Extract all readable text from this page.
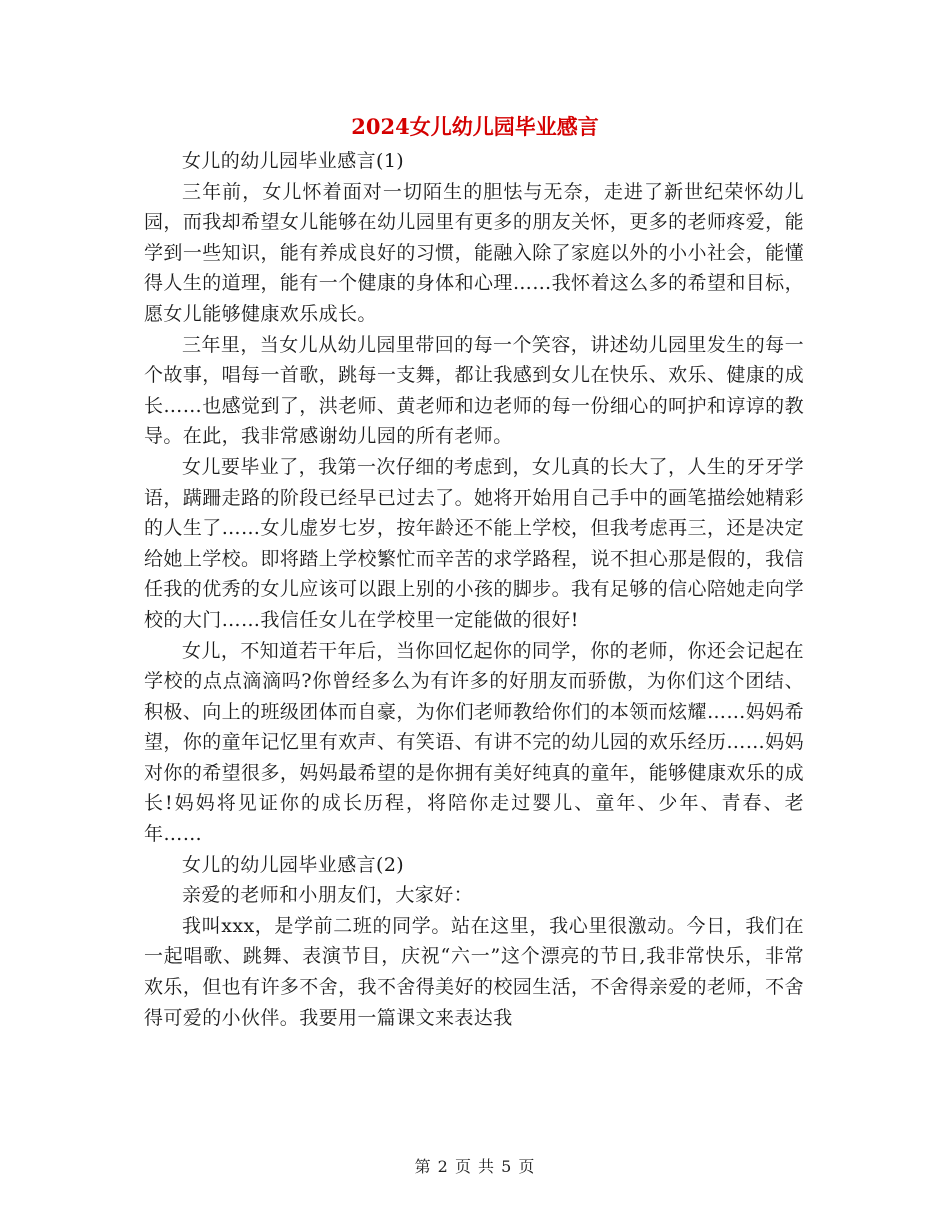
2024女儿幼儿园毕业感言

女儿的幼儿园毕业感言(1)

三年前，女儿怀着面对一切陌生的胆怯与无奈，走进了新世纪荣怀幼儿园，而我却希望女儿能够在幼儿园里有更多的朋友关怀，更多的老师疼爱，能学到一些知识，能有养成良好的习惯，能融入除了家庭以外的小小社会，能懂得人生的道理，能有一个健康的身体和心理……我怀着这么多的希望和目标，愿女儿能够健康欢乐成长。

三年里，当女儿从幼儿园里带回的每一个笑容，讲述幼儿园里发生的每一个故事，唱每一首歌，跳每一支舞，都让我感到女儿在快乐、欢乐、健康的成长……也感觉到了，洪老师、黄老师和边老师的每一份细心的呵护和谆谆的教导。在此，我非常感谢幼儿园的所有老师。

女儿要毕业了，我第一次仔细的考虑到，女儿真的长大了，人生的牙牙学语，蹒跚走路的阶段已经早已过去了。她将开始用自己手中的画笔描绘她精彩的人生了……女儿虚岁七岁，按年龄还不能上学校，但我考虑再三，还是决定给她上学校。即将踏上学校繁忙而辛苦的求学路程，说不担心那是假的，我信任我的优秀的女儿应该可以跟上别的小孩的脚步。我有足够的信心陪她走向学校的大门……我信任女儿在学校里一定能做的很好!

女儿，不知道若干年后，当你回忆起你的同学，你的老师，你还会记起在学校的点点滴滴吗?你曾经多么为有许多的好朋友而骄傲，为你们这个团结、积极、向上的班级团体而自豪，为你们老师教给你们的本领而炫耀……妈妈希望，你的童年记忆里有欢声、有笑语、有讲不完的幼儿园的欢乐经历……妈妈对你的希望很多，妈妈最希望的是你拥有美好纯真的童年，能够健康欢乐的成长!妈妈将见证你的成长历程，将陪你走过婴儿、童年、少年、青春、老年……

女儿的幼儿园毕业感言(2)

亲爱的老师和小朋友们，大家好：

我叫xxx，是学前二班的同学。站在这里，我心里很激动。今日，我们在一起唱歌、跳舞、表演节目，庆祝“六一”这个漂亮的节日,我非常快乐，非常欢乐，但也有许多不舍，我不舍得美好的校园生活，不舍得亲爱的老师，不舍得可爱的小伙伴。我要用一篇课文来表达我

第 2 页 共 5 页
